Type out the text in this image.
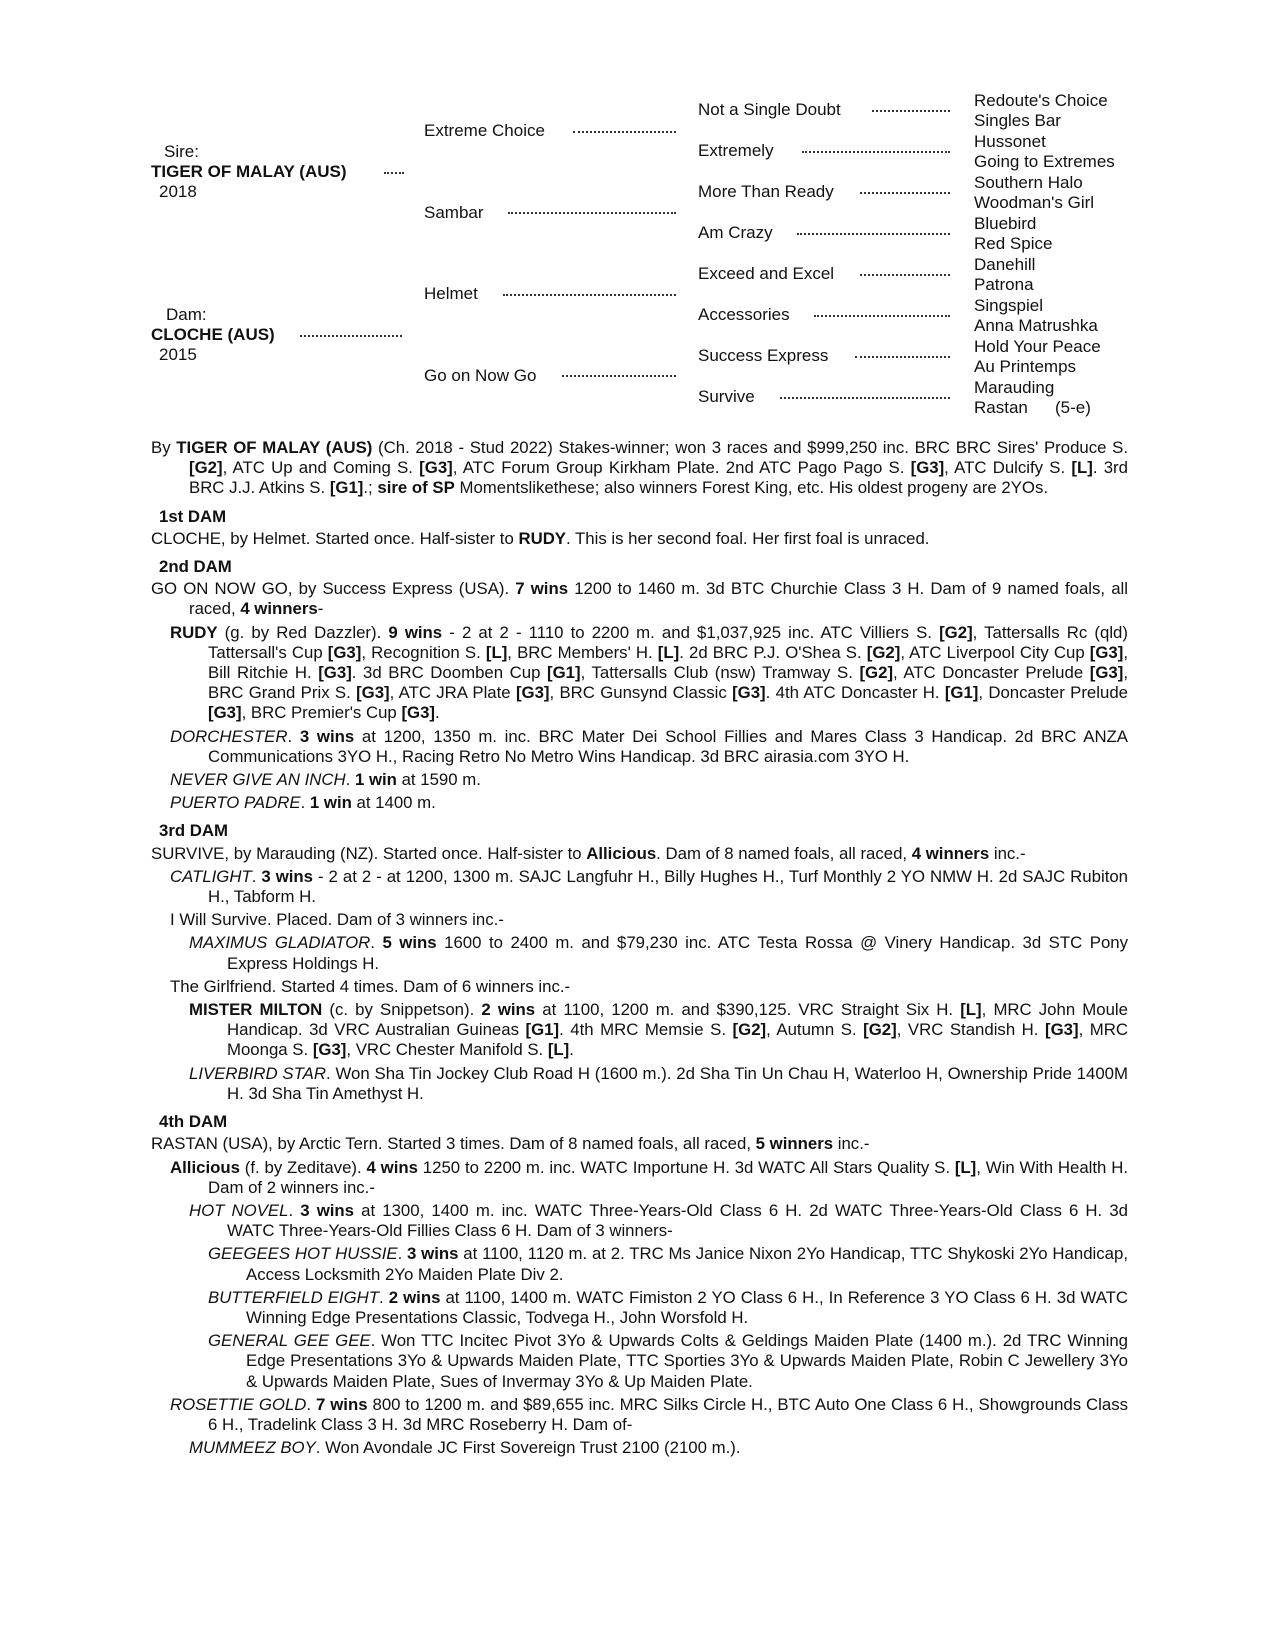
Sire:
TIGER OF MALAY (AUS)
2018
Dam:
CLOCHE (AUS)
2015
Extreme Choice
Sambar
Helmet
Go on Now Go
Not a Single Doubt
Extremely
More Than Ready
Am Crazy
Exceed and Excel
Accessories
Success Express
Survive
Redoute's Choice
Singles Bar
Hussonet
Going to Extremes
Southern Halo
Woodman's Girl
Bluebird
Red Spice
Danehill
Patrona
Singspiel
Anna Matrushka
Hold Your Peace
Au Printemps
Marauding
Rastan (5-e)
By TIGER OF MALAY (AUS) (Ch. 2018 - Stud 2022) Stakes-winner; won 3 races and $999,250 inc. BRC BRC Sires' Produce S. [G2], ATC Up and Coming S. [G3], ATC Forum Group Kirkham Plate. 2nd ATC Pago Pago S. [G3], ATC Dulcify S. [L]. 3rd BRC J.J. Atkins S. [G1].; sire of SP Momentslikethese; also winners Forest King, etc. His oldest progeny are 2YOs.
1st DAM
CLOCHE, by Helmet. Started once. Half-sister to RUDY. This is her second foal. Her first foal is unraced.
2nd DAM
GO ON NOW GO, by Success Express (USA). 7 wins 1200 to 1460 m. 3d BTC Churchie Class 3 H. Dam of 9 named foals, all raced, 4 winners-
RUDY (g. by Red Dazzler). 9 wins - 2 at 2 - 1110 to 2200 m. and $1,037,925 inc. ATC Villiers S. [G2], Tattersalls Rc (qld) Tattersall's Cup [G3], Recognition S. [L], BRC Members' H. [L]. 2d BRC P.J. O'Shea S. [G2], ATC Liverpool City Cup [G3], Bill Ritchie H. [G3]. 3d BRC Doomben Cup [G1], Tattersalls Club (nsw) Tramway S. [G2], ATC Doncaster Prelude [G3], BRC Grand Prix S. [G3], ATC JRA Plate [G3], BRC Gunsynd Classic [G3]. 4th ATC Doncaster H. [G1], Doncaster Prelude [G3], BRC Premier's Cup [G3].
DORCHESTER. 3 wins at 1200, 1350 m. inc. BRC Mater Dei School Fillies and Mares Class 3 Handicap. 2d BRC ANZA Communications 3YO H., Racing Retro No Metro Wins Handicap. 3d BRC airasia.com 3YO H.
NEVER GIVE AN INCH. 1 win at 1590 m.
PUERTO PADRE. 1 win at 1400 m.
3rd DAM
SURVIVE, by Marauding (NZ). Started once. Half-sister to Allicious. Dam of 8 named foals, all raced, 4 winners inc.-
CATLIGHT. 3 wins - 2 at 2 - at 1200, 1300 m. SAJC Langfuhr H., Billy Hughes H., Turf Monthly 2 YO NMW H. 2d SAJC Rubiton H., Tabform H.
I Will Survive. Placed. Dam of 3 winners inc.-
MAXIMUS GLADIATOR. 5 wins 1600 to 2400 m. and $79,230 inc. ATC Testa Rossa @ Vinery Handicap. 3d STC Pony Express Holdings H.
The Girlfriend. Started 4 times. Dam of 6 winners inc.-
MISTER MILTON (c. by Snippetson). 2 wins at 1100, 1200 m. and $390,125. VRC Straight Six H. [L], MRC John Moule Handicap. 3d VRC Australian Guineas [G1]. 4th MRC Memsie S. [G2], Autumn S. [G2], VRC Standish H. [G3], MRC Moonga S. [G3], VRC Chester Manifold S. [L].
LIVERBIRD STAR. Won Sha Tin Jockey Club Road H (1600 m.). 2d Sha Tin Un Chau H, Waterloo H, Ownership Pride 1400M H. 3d Sha Tin Amethyst H.
4th DAM
RASTAN (USA), by Arctic Tern. Started 3 times. Dam of 8 named foals, all raced, 5 winners inc.-
Allicious (f. by Zeditave). 4 wins 1250 to 2200 m. inc. WATC Importune H. 3d WATC All Stars Quality S. [L], Win With Health H. Dam of 2 winners inc.-
HOT NOVEL. 3 wins at 1300, 1400 m. inc. WATC Three-Years-Old Class 6 H. 2d WATC Three-Years-Old Class 6 H. 3d WATC Three-Years-Old Fillies Class 6 H. Dam of 3 winners-
GEEGEES HOT HUSSIE. 3 wins at 1100, 1120 m. at 2. TRC Ms Janice Nixon 2Yo Handicap, TTC Shykoski 2Yo Handicap, Access Locksmith 2Yo Maiden Plate Div 2.
BUTTERFIELD EIGHT. 2 wins at 1100, 1400 m. WATC Fimiston 2 YO Class 6 H., In Reference 3 YO Class 6 H. 3d WATC Winning Edge Presentations Classic, Todvega H., John Worsfold H.
GENERAL GEE GEE. Won TTC Incitec Pivot 3Yo & Upwards Colts & Geldings Maiden Plate (1400 m.). 2d TRC Winning Edge Presentations 3Yo & Upwards Maiden Plate, TTC Sporties 3Yo & Upwards Maiden Plate, Robin C Jewellery 3Yo & Upwards Maiden Plate, Sues of Invermay 3Yo & Up Maiden Plate.
ROSETTIE GOLD. 7 wins 800 to 1200 m. and $89,655 inc. MRC Silks Circle H., BTC Auto One Class 6 H., Showgrounds Class 6 H., Tradelink Class 3 H. 3d MRC Roseberry H. Dam of-
MUMMEEZ BOY. Won Avondale JC First Sovereign Trust 2100 (2100 m.).
